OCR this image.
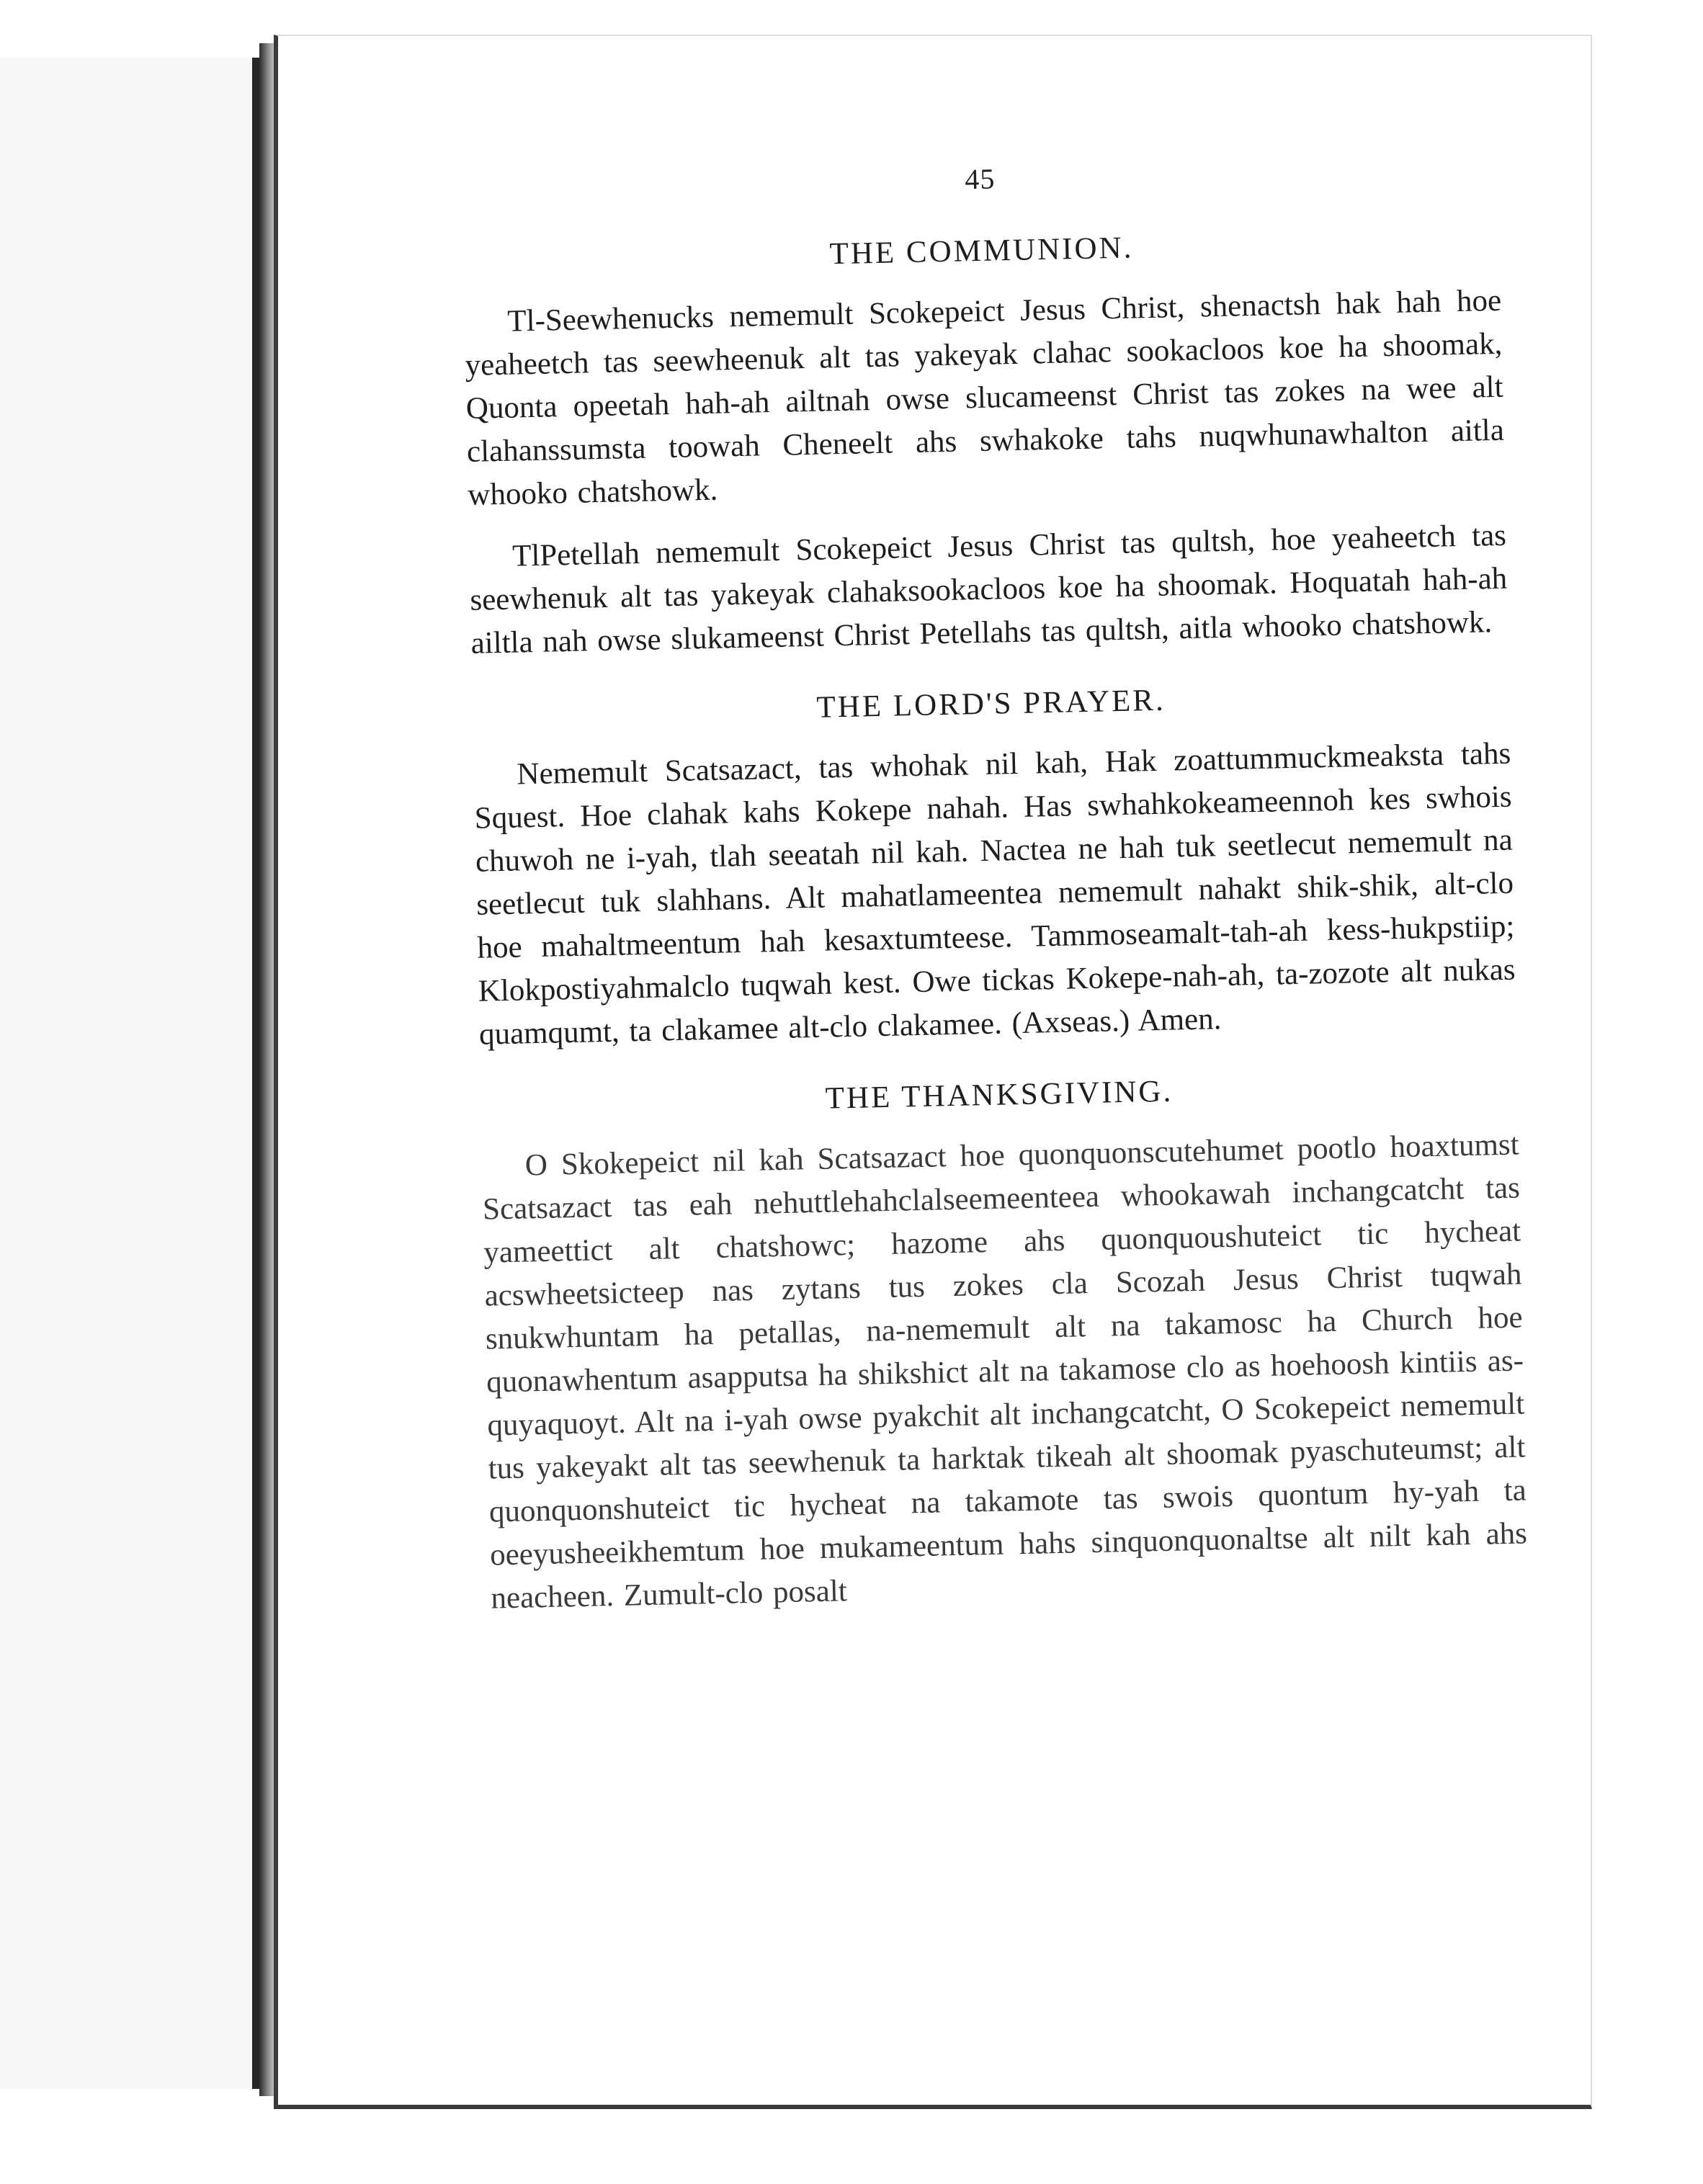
45
THE COMMUNION.

Tl-Seewhenucks nememult Scokepeict Jesus Christ, shenactsh hak hah hoe yeaheetch tas seewheenuk alt tas yakeyak clahac sookacloos koe ha shoomak, Quonta opeetah hah-ah ailtnah owse slucameenst Christ tas zokes na wee alt clahanssumsta toowah Cheneelt ahs swhakoke tahs nuqwhunawhalton aitla whooko chatshowk.

TlPetellah nememult Scokepeict Jesus Christ tas qultsh, hoe yeaheetch tas seewhenuk alt tas yakeyak clahaksookacloos koe ha shoomak. Hoquatah hah-ah ailtla nah owse slukameenst Christ Petellahs tas qultsh, aitla whooko chatshowk.

THE LORD'S PRAYER.

Nememult Scatsazact, tas whohak nil kah, Hak zoattummuckmeaksta tahs Squest. Hoe clahak kahs Kokepe nahah. Has swhahkokeameennoh kes swhois chuwoh ne i-yah, tlah seeatah nil kah. Nactea ne hah tuk seetlecut nememult na seetlecut tuk slahhans. Alt mahatlameentea nememult nahakt shik-shik, alt-clo hoe mahaltmeentum hah kesaxtumteese. Tammoseamalt-tah-ah kess-hukpstiip; Klokpostiyahmalclo tuqwah kest. Owe tickas Kokepe-nah-ah, ta-zozote alt nukas quamqumt, ta clakamee alt-clo clakamee. (Axseas.) Amen.

THE THANKSGIVING.

O Skokepeict nil kah Scatsazact hoe quonquonscutehumet pootlo hoaxtumst Scatsazact tas eah nehuttlehahclalseemeenteea whookawah inchangcatcht tas yameettict alt chatshowc; hazome ahs quonquoushuteict tic hycheat acswheetsicteep nas zytans tus zokes cla Scozah Jesus Christ tuqwah snukwhuntam ha petallas, na-nememult alt na takamosc ha Church hoe quonawhentum asapputsa ha shikshict alt na takamose clo as hoehoosh kintiis as-quyaquoyt. Alt na i-yah owse pyakchit alt inchangcatcht, O Scokepeict nememult tus yakeyakt alt tas seewhenuk ta harktak tikeah alt shoomak pyaschuteumst; alt quonquonshuteict tic hycheat na takamote tas swois quontum hy-yah ta oeeyusheeikhemtum hoe mukameentum hahs sinquonquonaltse alt nilt kah ahs neacheen. Zumult-clo posalt
